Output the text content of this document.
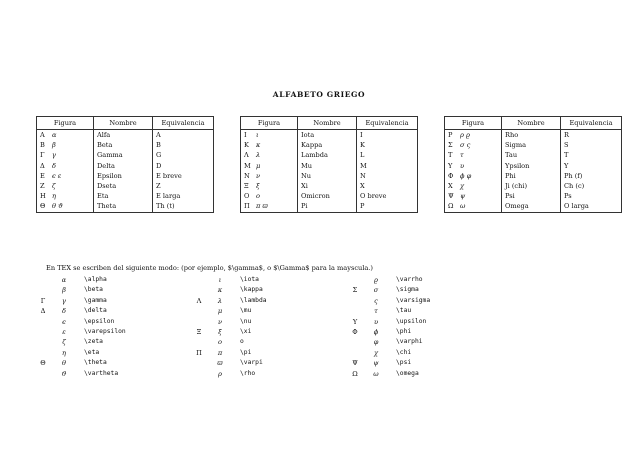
ALFABETO GRIEGO
Figura	Nombre	Equivalencia
Α α	Alfa	A
Β β	Beta	B
Γ γ	Gamma	G
Δ δ	Delta	D
Ε ϵ ε	Epsilon	E breve
Ζ ζ	Dseta	Z
Η η	Eta	E larga
Θ θ ϑ	Theta	Th (t)
Figura	Nombre	Equivalencia
Ι ι	Iota	I
Κ κ	Kappa	K
Λ λ	Lambda	L
Μ μ	Mu	M
Ν ν	Nu	N
Ξ ξ	Xi	X
Ο o	Omicron	O breve
Π π ϖ	Pi	P
Figura	Nombre	Equivalencia
Ρ ρ ϱ	Rho	R
Σ σ ς	Sigma	S
Τ τ	Tau	T
Υ υ	Ypsilon	Y
Φ ϕ φ	Phi	Ph (f)
Χ χ	Ji (chi)	Ch (c)
Ψ ψ	Psi	Ps
Ω ω	Omega	O larga
En TEX se escriben del siguiente modo: (por ejemplo, $\gamma$, o $\Gamma$ para la mayscula.)
	α	\alpha		ι	\iota		ϱ	\varrho
	β	\beta		κ	\kappa	Σ	σ	\sigma
Γ	γ	\gamma	Λ	λ	\lambda		ς	\varsigma
Δ	δ	\delta		μ	\mu		τ	\tau
	ϵ	\epsilon		ν	\nu	Υ	υ	\upsilon
	ε	\varepsilon	Ξ	ξ	\xi	Φ	ϕ	\phi
	ζ	\zeta		o	o		φ	\varphi
	η	\eta	Π	π	\pi		χ	\chi
Θ	θ	\theta		ϖ	\varpi	Ψ	ψ	\psi
	ϑ	\vartheta		ρ	\rho	Ω	ω	\omega
